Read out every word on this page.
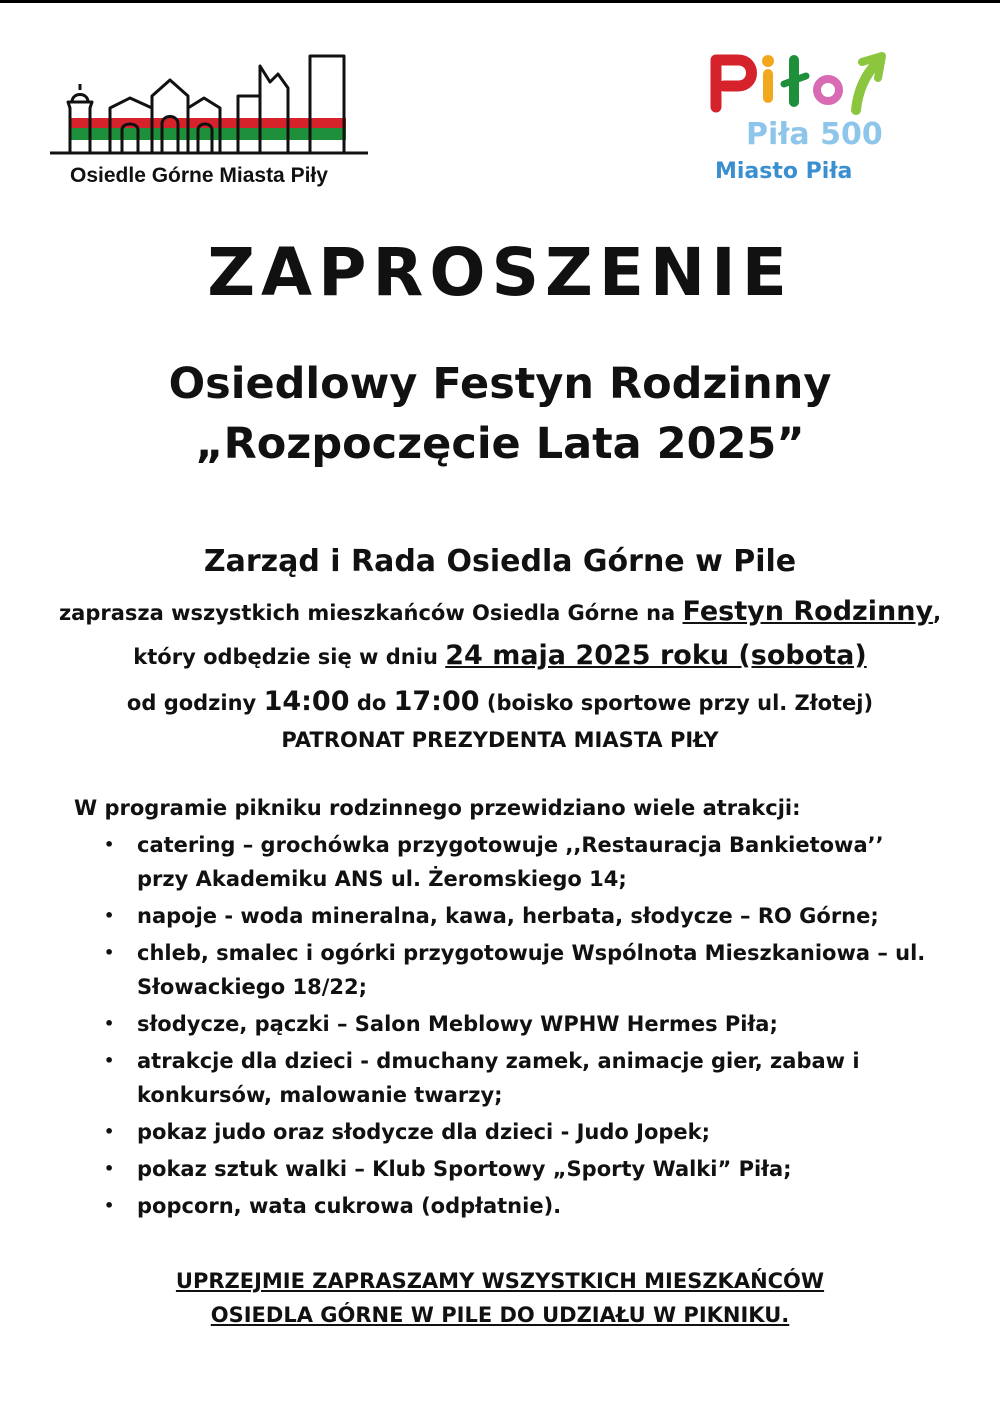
Osiedle Górne Miasta Piły
Piła 500
Miasto Piła
ZAPROSZENIE
Osiedlowy Festyn Rodzinny
„Rozpoczęcie Lata 2025”
Zarząd i Rada Osiedla Górne w Pile
zaprasza wszystkich mieszkańców Osiedla Górne na Festyn Rodzinny,
który odbędzie się w dniu 24 maja 2025 roku (sobota)
od godziny 14:00 do 17:00 (boisko sportowe przy ul. Złotej)
PATRONAT PREZYDENTA MIASTA PIŁY
W programie pikniku rodzinnego przewidziano wiele atrakcji:
• catering – grochówka przygotowuje ,,Restauracja Bankietowa’’ przy Akademiku ANS ul. Żeromskiego 14;
• napoje - woda mineralna, kawa, herbata, słodycze – RO Górne;
• chleb, smalec i ogórki przygotowuje Wspólnota Mieszkaniowa – ul. Słowackiego 18/22;
• słodycze, pączki – Salon Meblowy WPHW Hermes Piła;
• atrakcje dla dzieci - dmuchany zamek, animacje gier, zabaw i konkursów, malowanie twarzy;
• pokaz judo oraz słodycze dla dzieci - Judo Jopek;
• pokaz sztuk walki – Klub Sportowy „Sporty Walki” Piła;
• popcorn, wata cukrowa (odpłatnie).
UPRZEJMIE ZAPRASZAMY WSZYSTKICH MIESZKAŃCÓW
OSIEDLA GÓRNE W PILE DO UDZIAŁU W PIKNIKU.
